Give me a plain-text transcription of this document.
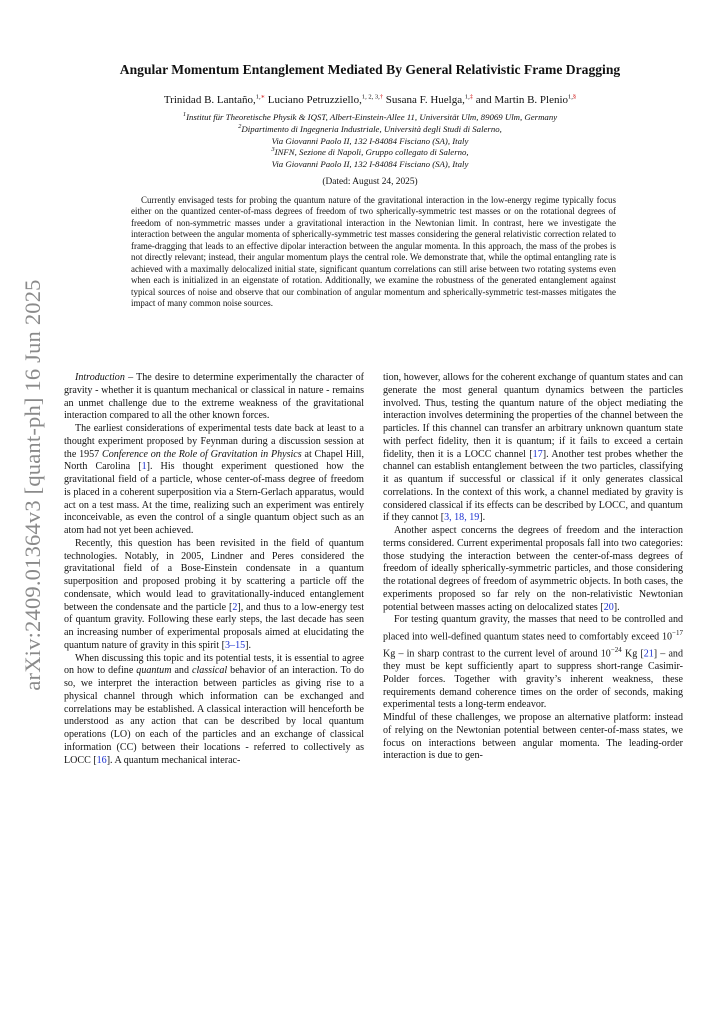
arXiv:2409.01364v3 [quant-ph] 16 Jun 2025
Angular Momentum Entanglement Mediated By General Relativistic Frame Dragging
Trinidad B. Lantaño,$^{1,∗}$ Luciano Petruzziello,$^{1, 2, 3,\dagger}$ Susana F. Huelga,$^{1,\ddagger}$ and Martin B. Plenio$^{1,\S}$
$^1$Institut für Theoretische Physik & IQST, Albert-Einstein-Allee 11, Universität Ulm, 89069 Ulm, Germany
$^2$Dipartimento di Ingegneria Industriale, Università degli Studi di Salerno,
Via Giovanni Paolo II, 132 I-84084 Fisciano (SA), Italy
$^3$INFN, Sezione di Napoli, Gruppo collegato di Salerno,
Via Giovanni Paolo II, 132 I-84084 Fisciano (SA), Italy
(Dated: August 24, 2025)

Currently envisaged tests for probing the quantum nature of the gravitational interaction in the low-energy regime typically focus either on the quantized center-of-mass degrees of freedom of two spherically-symmetric test masses or on the rotational degrees of freedom of non-symmetric masses under a gravitational interaction in the Newtonian limit. In contrast, here we investigate the interaction between the angular momenta of spherically-symmetric test masses considering the general relativistic correction related to frame-dragging that leads to an effective dipolar interaction between the angular momenta. In this approach, the mass of the probes is not directly relevant; instead, their angular momentum plays the central role. We demonstrate that, while the optimal entangling rate is achieved with a maximally delocalized initial state, significant quantum correlations can still arise between two rotating systems even when each is initialized in an eigenstate of rotation. Additionally, we examine the robustness of the generated entanglement against typical sources of noise and observe that our combination of angular momentum and spherically-symmetric test-masses mitigates the impact of many common noise sources.

Introduction – The desire to determine experimentally the character of gravity - whether it is quantum mechanical or classical in nature - remains an unmet challenge due to the extreme weakness of the gravitational interaction compared to all the other known forces.

The earliest considerations of experimental tests date back at least to a thought experiment proposed by Feynman during a discussion session at the 1957 Conference on the Role of Gravitation in Physics at Chapel Hill, North Carolina [1]. His thought experiment questioned how the gravitational field of a particle, whose center-of-mass degree of freedom is placed in a coherent superposition via a Stern-Gerlach apparatus, would act on a test mass. At the time, realizing such an experiment was entirely inconceivable, as even the control of a single quantum object such as an atom had not yet been achieved.

Recently, this question has been revisited in the field of quantum technologies. Notably, in 2005, Lindner and Peres considered the gravitational field of a Bose-Einstein condensate in a quantum superposition and proposed probing it by scattering a particle off the condensate, which would lead to gravitationally-induced entanglement between the condensate and the particle [2], and thus to a low-energy test of quantum gravity. Following these early steps, the last decade has seen an increasing number of experimental proposals aimed at elucidating the quantum nature of gravity in this spirit [3–15].

When discussing this topic and its potential tests, it is essential to agree on how to define quantum and classical behavior of an interaction. To do so, we interpret the interaction between particles as giving rise to a physical channel through which information can be exchanged and correlations may be established. A classical interaction will henceforth be understood as any action that can be described by local quantum operations (LO) on each of the particles and an exchange of classical information (CC) between their locations - referred to collectively as LOCC [16]. A quantum mechanical interac-

tion, however, allows for the coherent exchange of quantum states and can generate the most general quantum dynamics between the particles involved. Thus, testing the quantum nature of the object mediating the interaction involves determining the properties of the channel between the particles. If this channel can transfer an arbitrary unknown quantum state with perfect fidelity, then it is quantum; if it fails to exceed a certain fidelity, then it is a LOCC channel [17]. Another test probes whether the channel can establish entanglement between the two particles, classifying it as quantum if successful or classical if it only generates classical correlations. In the context of this work, a channel mediated by gravity is considered classical if its effects can be described by LOCC, and quantum if they cannot [3, 18, 19].

Another aspect concerns the degrees of freedom and the interaction terms considered. Current experimental proposals fall into two categories: those studying the interaction between the center-of-mass degrees of freedom of ideally spherically-symmetric particles, and those considering the rotational degrees of freedom of asymmetric objects. In both cases, the experiments proposed so far rely on the non-relativistic Newtonian potential between masses acting on delocalized states [20].

For testing quantum gravity, the masses that need to be controlled and placed into well-defined quantum states need to comfortably exceed $10^{-17}$ Kg – in sharp contrast to the current level of around $10^{-24}$ Kg [21] – and they must be kept sufficiently apart to suppress short-range Casimir-Polder forces. Together with gravity’s inherent weakness, these requirements demand coherence times on the order of seconds, making experimental tests a long-term endeavor.

Mindful of these challenges, we propose an alternative platform: instead of relying on the Newtonian potential between center-of-mass states, we focus on interactions between angular momenta. The leading-order interaction is due to gen-
